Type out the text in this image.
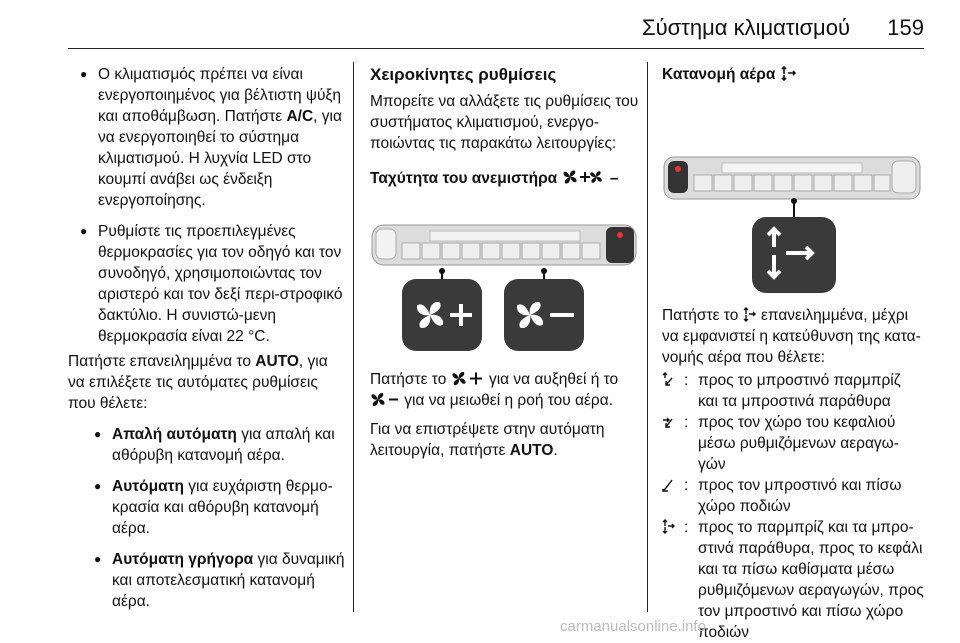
Σύστημα κλιματισμού 159

● Ο κλιματισμός πρέπει να είναι ενεργοποιημένος για βέλτιστη ψύξη και αποθάμβωση. Πατήστε A/C, για να ενεργοποιηθεί το σύστημα κλιματισμού. Η λυχνία LED στο κουμπί ανάβει ως ένδειξη ενεργοποίησης.

● Ρυθμίστε τις προεπιλεγμένες θερμοκρασίες για τον οδηγό και τον συνοδηγό, χρησιμοποιώντας τον αριστερό και τον δεξί περι-στροφικό δακτύλιο. Η συνιστώ-μενη θερμοκρασία είναι 22 °C.

Πατήστε επανειλημμένα το AUTO, για να επιλέξετε τις αυτόματες ρυθμίσεις που θέλετε:

● Απαλή αυτόματη για απαλή και αθόρυβη κατανομή αέρα.

● Αυτόματη για ευχάριστη θερμο-κρασία και αθόρυβη κατανομή αέρα.

● Αυτόματη γρήγορα για δυναμική και αποτελεσματική κατανομή αέρα.

Χειροκίνητες ρυθμίσεις

Μπορείτε να αλλάξετε τις ρυθμίσεις του συστήματος κλιματισμού, ενεργο-ποιώντας τις παρακάτω λειτουργίες:

Ταχύτητα του ανεμιστήρα	–

Πατήστε το  για να αυξηθεί ή το  για να μειωθεί η ροή του αέρα.

Για να επιστρέψετε στην αυτόματη λειτουργία, πατήστε AUTO.

Κατανομή αέρα

Πατήστε το  επανειλημμένα, μέχρι να εμφανιστεί η κατεύθυνση της κατα-νομής αέρα που θέλετε:

: προς το μπροστινό παρμπρίζ και τα μπροστινά παράθυρα
: προς τον χώρο του κεφαλιού μέσω ρυθμιζόμενων αεραγω-γών
: προς τον μπροστινό και πίσω χώρο ποδιών
: προς το παρμπρίζ και τα μπρο-στινά παράθυρα, προς το κεφάλι και τα πίσω καθίσματα μέσω ρυθμιζόμενων αεραγωγών, προς τον μπροστινό και πίσω χώρο ποδιών
carmanualsonline.info
